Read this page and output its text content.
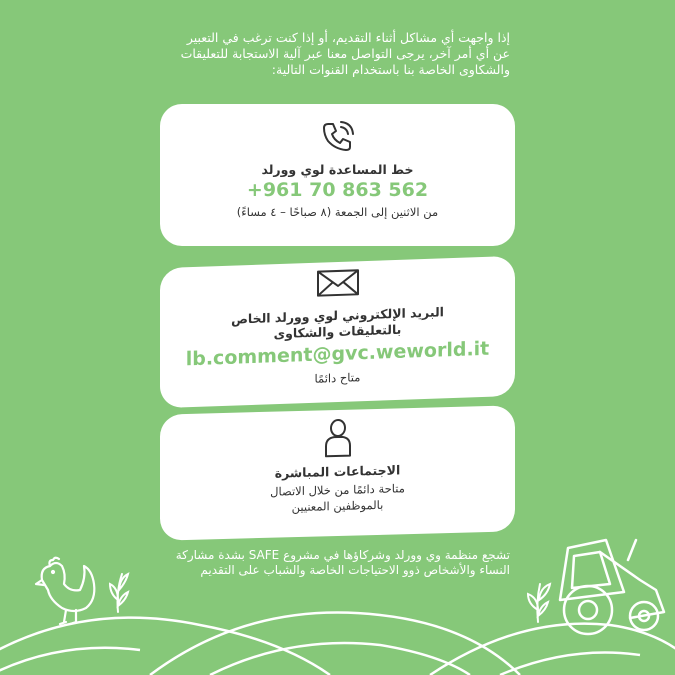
إذا واجهت أي مشاكل أثناء التقديم، أو إذا كنت ترغب في التعبير عن أي أمر آخر، يرجى التواصل معنا عبر آلية الاستجابة للتعليقات والشكاوى الخاصة بنا باستخدام القنوات التالية:
خط المساعدة لوي وورلد
+961 70 863 562
من الاثنين إلى الجمعة (٨ صباحًا – ٤ مساءً)
البريد الإلكتروني لوي وورلد الخاص
بالتعليقات والشكاوى
lb.comment@gvc.weworld.it
متاح دائمًا
الاجتماعات المباشرة
متاحة دائمًا من خلال الاتصال
بالموظفين المعنيين
تشجع منظمة وي وورلد وشركاؤها في مشروع SAFE بشدة مشاركة النساء والأشخاص ذوو الاحتياجات الخاصة والشباب على التقديم
